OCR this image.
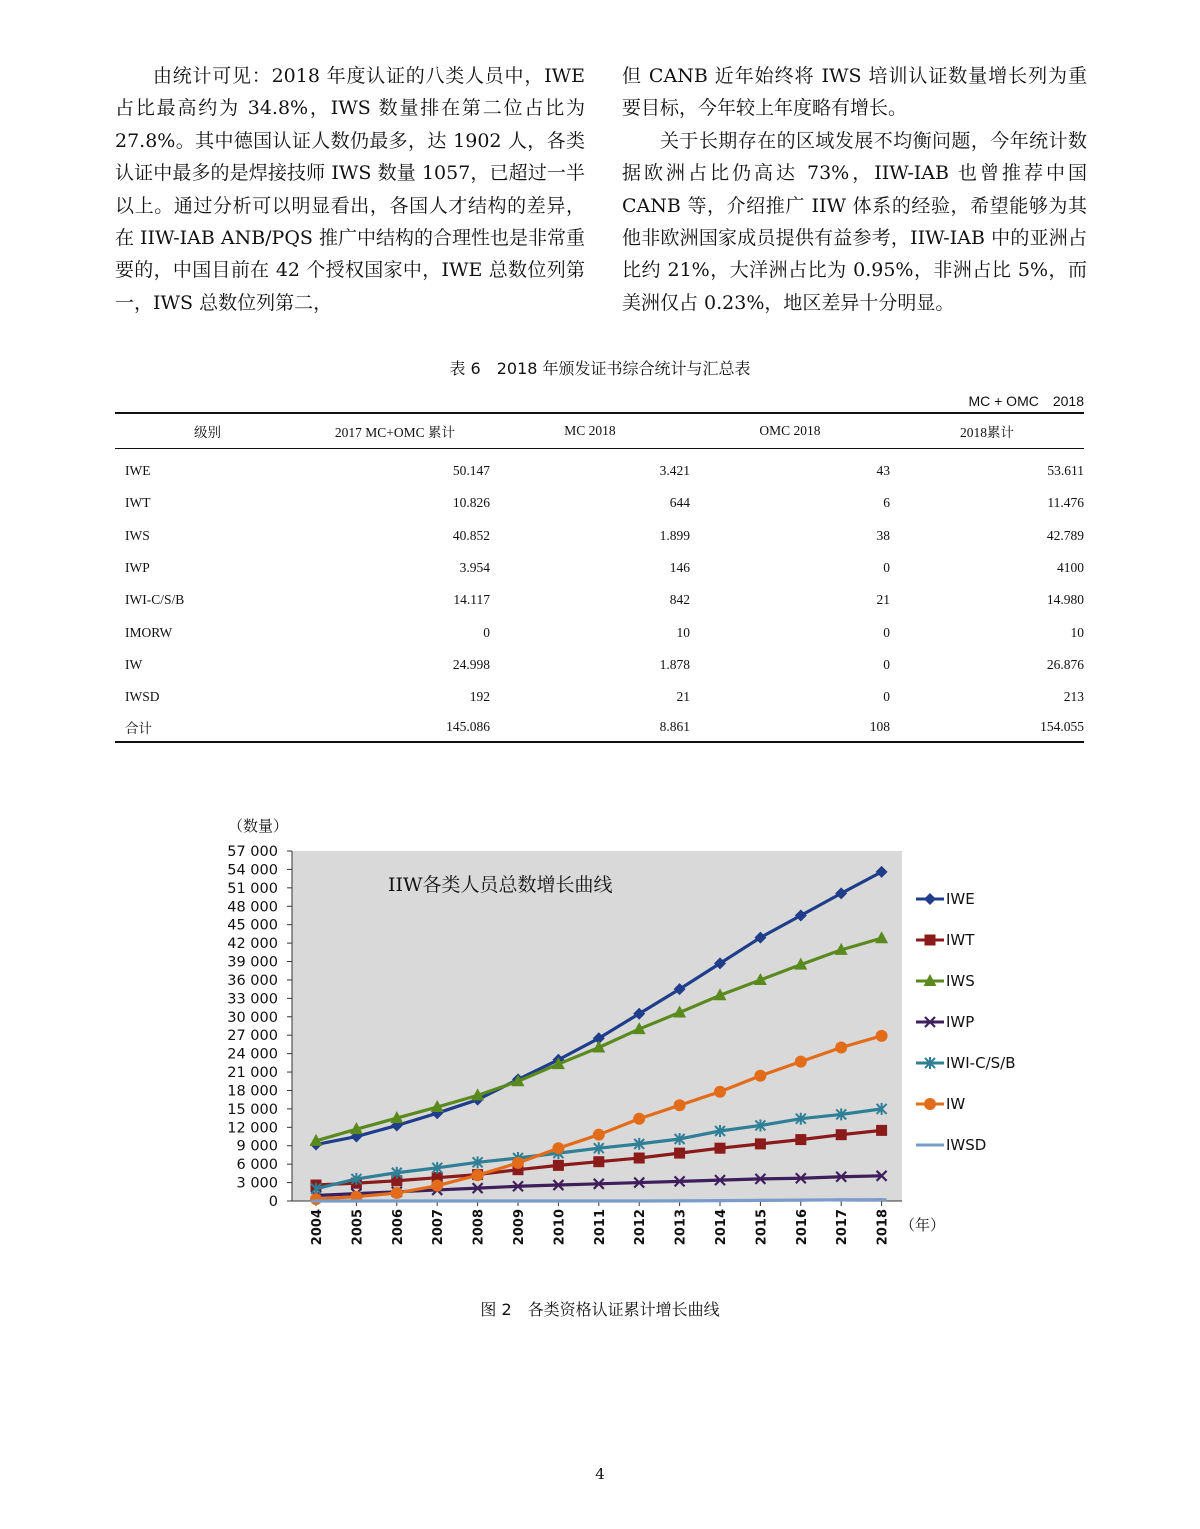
由统计可见：2018 年度认证的八类人员中，IWE 占比最高约为 34.8%，IWS 数量排在第二位占比为 27.8%。其中德国认证人数仍最多，达 1902 人，各类认证中最多的是焊接技师 IWS 数量 1057，已超过一半以上。通过分析可以明显看出，各国人才结构的差异，在 IIW-IAB ANB/PQS 推广中结构的合理性也是非常重要的，中国目前在 42 个授权国家中，IWE 总数位列第一，IWS 总数位列第二，

但 CANB 近年始终将 IWS 培训认证数量增长列为重要目标，今年较上年度略有增长。

关于长期存在的区域发展不均衡问题，今年统计数据欧洲占比仍高达 73%，IIW-IAB 也曾推荐中国 CANB 等，介绍推广 IIW 体系的经验，希望能够为其他非欧洲国家成员提供有益参考，IIW-IAB 中的亚洲占比约 21%，大洋洲占比为 0.95%，非洲占比 5%，而美洲仅占 0.23%，地区差异十分明显。

表 6　2018 年颁发证书综合统计与汇总表
MC + OMC　2018
级别	2017 MC+OMC 累计	MC 2018	OMC 2018	2018累计
IWE	50.147	3.421	43	53.611
IWT	10.826	644	6	11.476
IWS	40.852	1.899	38	42.789
IWP	3.954	146	0	4100
IWI-C/S/B	14.117	842	21	14.980
IMORW	0	10	0	10
IW	24.998	1.878	0	26.876
IWSD	192	21	0	213
合计	145.086	8.861	108	154.055
0
3 000
6 000
9 000
12 000
15 000
18 000
21 000
24 000
27 000
30 000
33 000
36 000
39 000
42 000
45 000
48 000
51 000
54 000
57 000
2004 2005 2006 2007 2008 2009 2010 2011 2012 2013 2014 2015 2016 2017 2018
（数量）
（年）
IIW各类人员总数增长曲线
IWE
IWT
IWS
IWP
IWI-C/S/B
IW
IWSD
图 2　各类资格认证累计增长曲线
4
